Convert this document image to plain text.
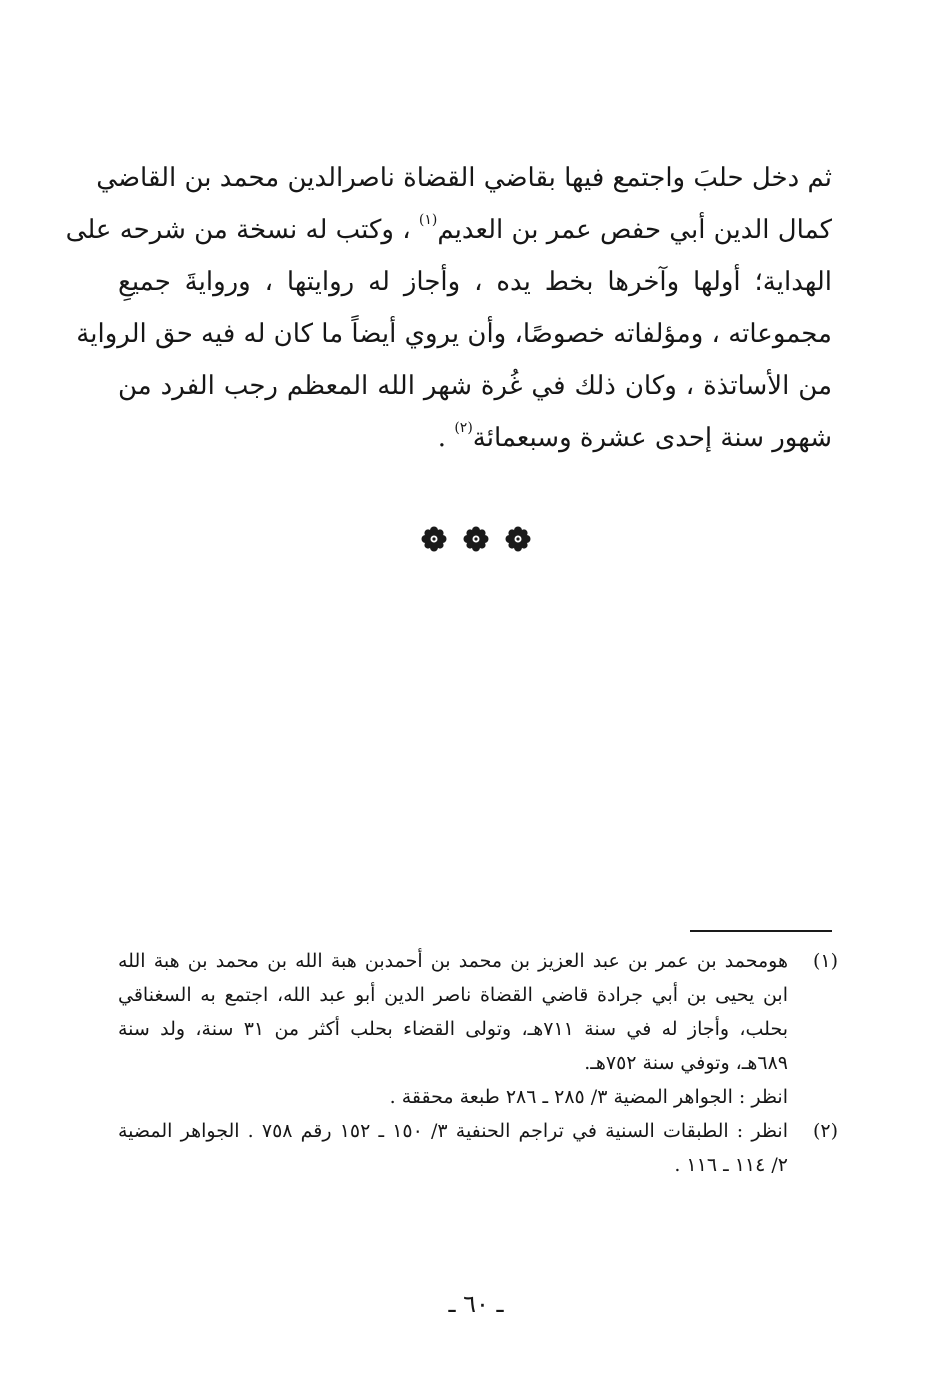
ثم دخل حلبَ واجتمع فيها بقاضي القضاة ناصرالدين محمد بن القاضي
كمال الدين أبي حفص عمر بن العديم$^{(١)}$ ، وكتب له نسخة من شرحه على
الهداية؛ أولها وآخرها بخط يده ، وأجاز له روايتها ، وروايةَ جميعِ
مجموعاته ، ومؤلفاته خصوصًا، وأن يروي أيضاً ما كان له فيه حق الرواية
من الأساتذة ، وكان ذلك في غُرة شهر الله المعظم رجب الفرد من
شهور سنة إحدى عشرة وسبعمائة$^{(٢)}$ .
(١)
هومحمد بن عمر بن عبد العزيز بن محمد بن أحمدبن هبة الله بن محمد بن هبة الله
ابن يحيى بن أبي جرادة قاضي القضاة ناصر الدين أبو عبد الله، اجتمع به السغناقي
بحلب، وأجاز له في سنة ٧١١هـ، وتولى القضاء بحلب أكثر من ٣١ سنة، ولد سنة
٦٨٩هـ، وتوفي سنة ٧٥٢هـ.
انظر : الجواهر المضية ٣/ ٢٨٥ ـ ٢٨٦ طبعة محققة .
(٢)
انظر : الطبقات السنية في تراجم الحنفية ٣/ ١٥٠ ـ ١٥٢ رقم ٧٥٨ . الجواهر المضية
٢/ ١١٤ ـ ١١٦ .
ـ ٦٠ ـ
